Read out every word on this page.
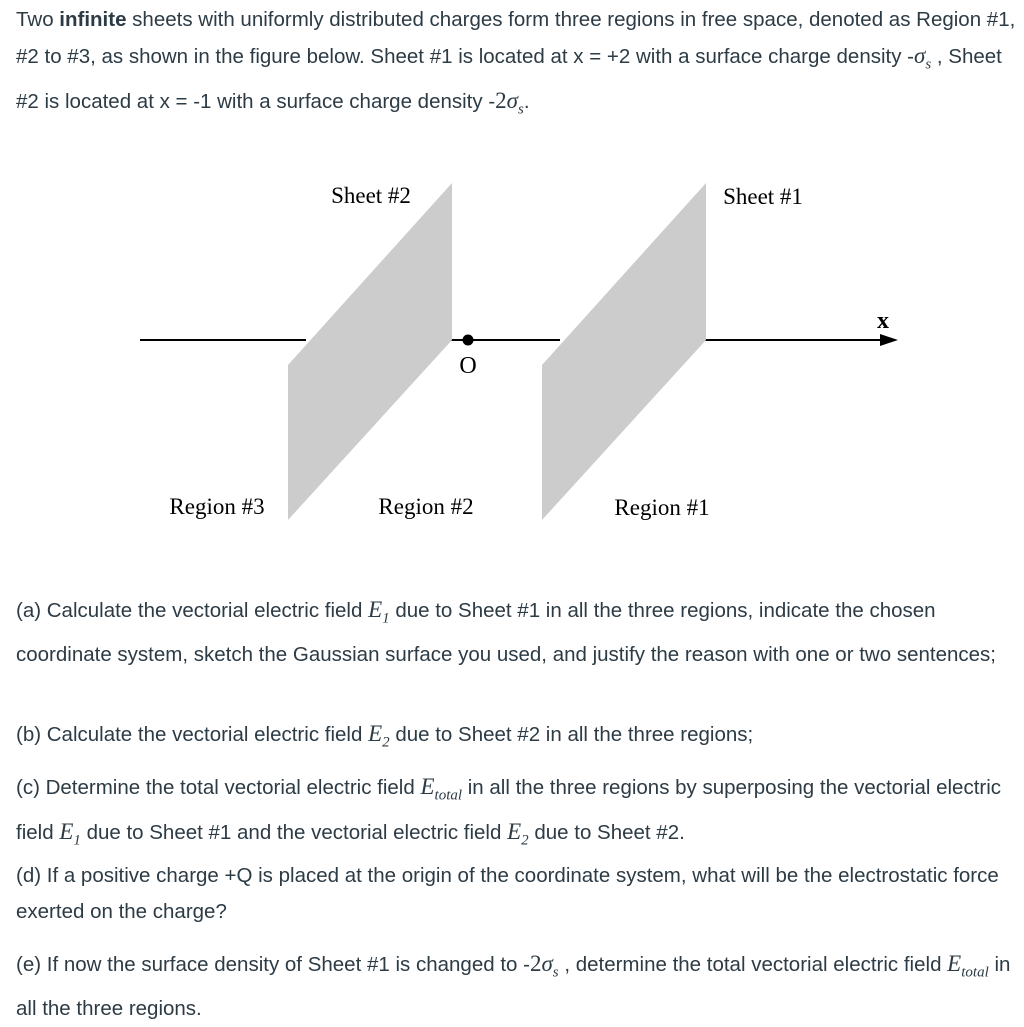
Two infinite sheets with uniformly distributed charges form three regions in free space, denoted as Region #1, #2 to #3, as shown in the figure below. Sheet #1 is located at x = +2 with a surface charge density $-\sigma_s$ , Sheet #2 is located at x = -1 with a surface charge density $-2\sigma_s$.

O
Sheet #2	Sheet #1
x
Region #3	Region #2	Region #1

(a) Calculate the vectorial electric field $E_1$ due to Sheet #1 in all the three regions, indicate the chosen coordinate system, sketch the Gaussian surface you used, and justify the reason with one or two sentences;

(b) Calculate the vectorial electric field $E_2$ due to Sheet #2 in all the three regions;

(c) Determine the total vectorial electric field $E_{total}$ in all the three regions by superposing the vectorial electric field $E_1$ due to Sheet #1 and the vectorial electric field $E_2$ due to Sheet #2.

(d) If a positive charge +Q is placed at the origin of the coordinate system, what will be the electrostatic force exerted on the charge?

(e) If now the surface density of Sheet #1 is changed to $-2\sigma_s$ , determine the total vectorial electric field $E_{total}$ in all the three regions.
